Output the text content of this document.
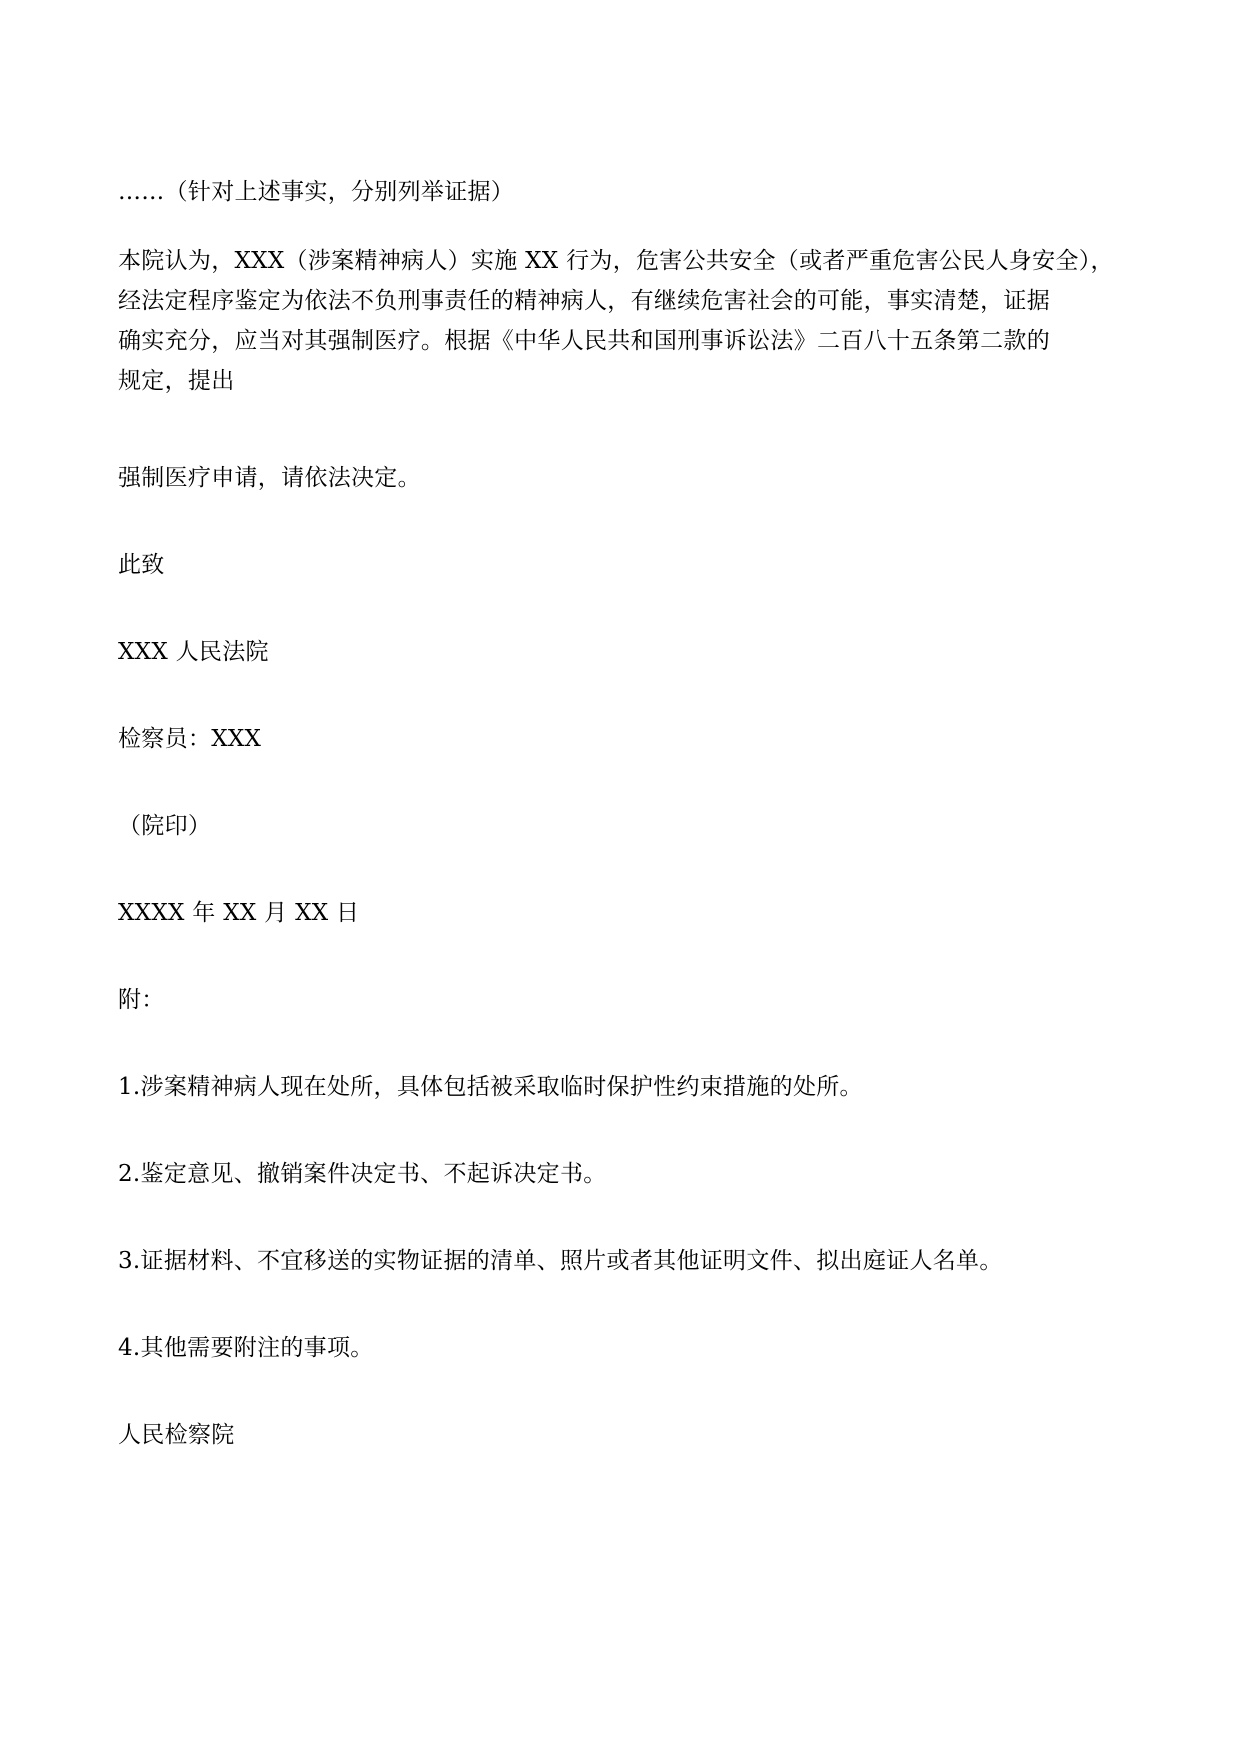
……（针对上述事实，分别列举证据）

本院认为，XXX（涉案精神病人）实施 XX 行为，危害公共安全（或者严重危害公民人身安全），
经法定程序鉴定为依法不负刑事责任的精神病人，有继续危害社会的可能，事实清楚，证据
确实充分，应当对其强制医疗。根据《中华人民共和国刑事诉讼法》二百八十五条第二款的
规定，提出

强制医疗申请，请依法决定。

此致

XXX 人民法院

检察员：XXX

（院印）

XXXX 年 XX 月 XX 日

附：

1.涉案精神病人现在处所，具体包括被采取临时保护性约束措施的处所。

2.鉴定意见、撤销案件决定书、不起诉决定书。

3.证据材料、不宜移送的实物证据的清单、照片或者其他证明文件、拟出庭证人名单。

4.其他需要附注的事项。

人民检察院
